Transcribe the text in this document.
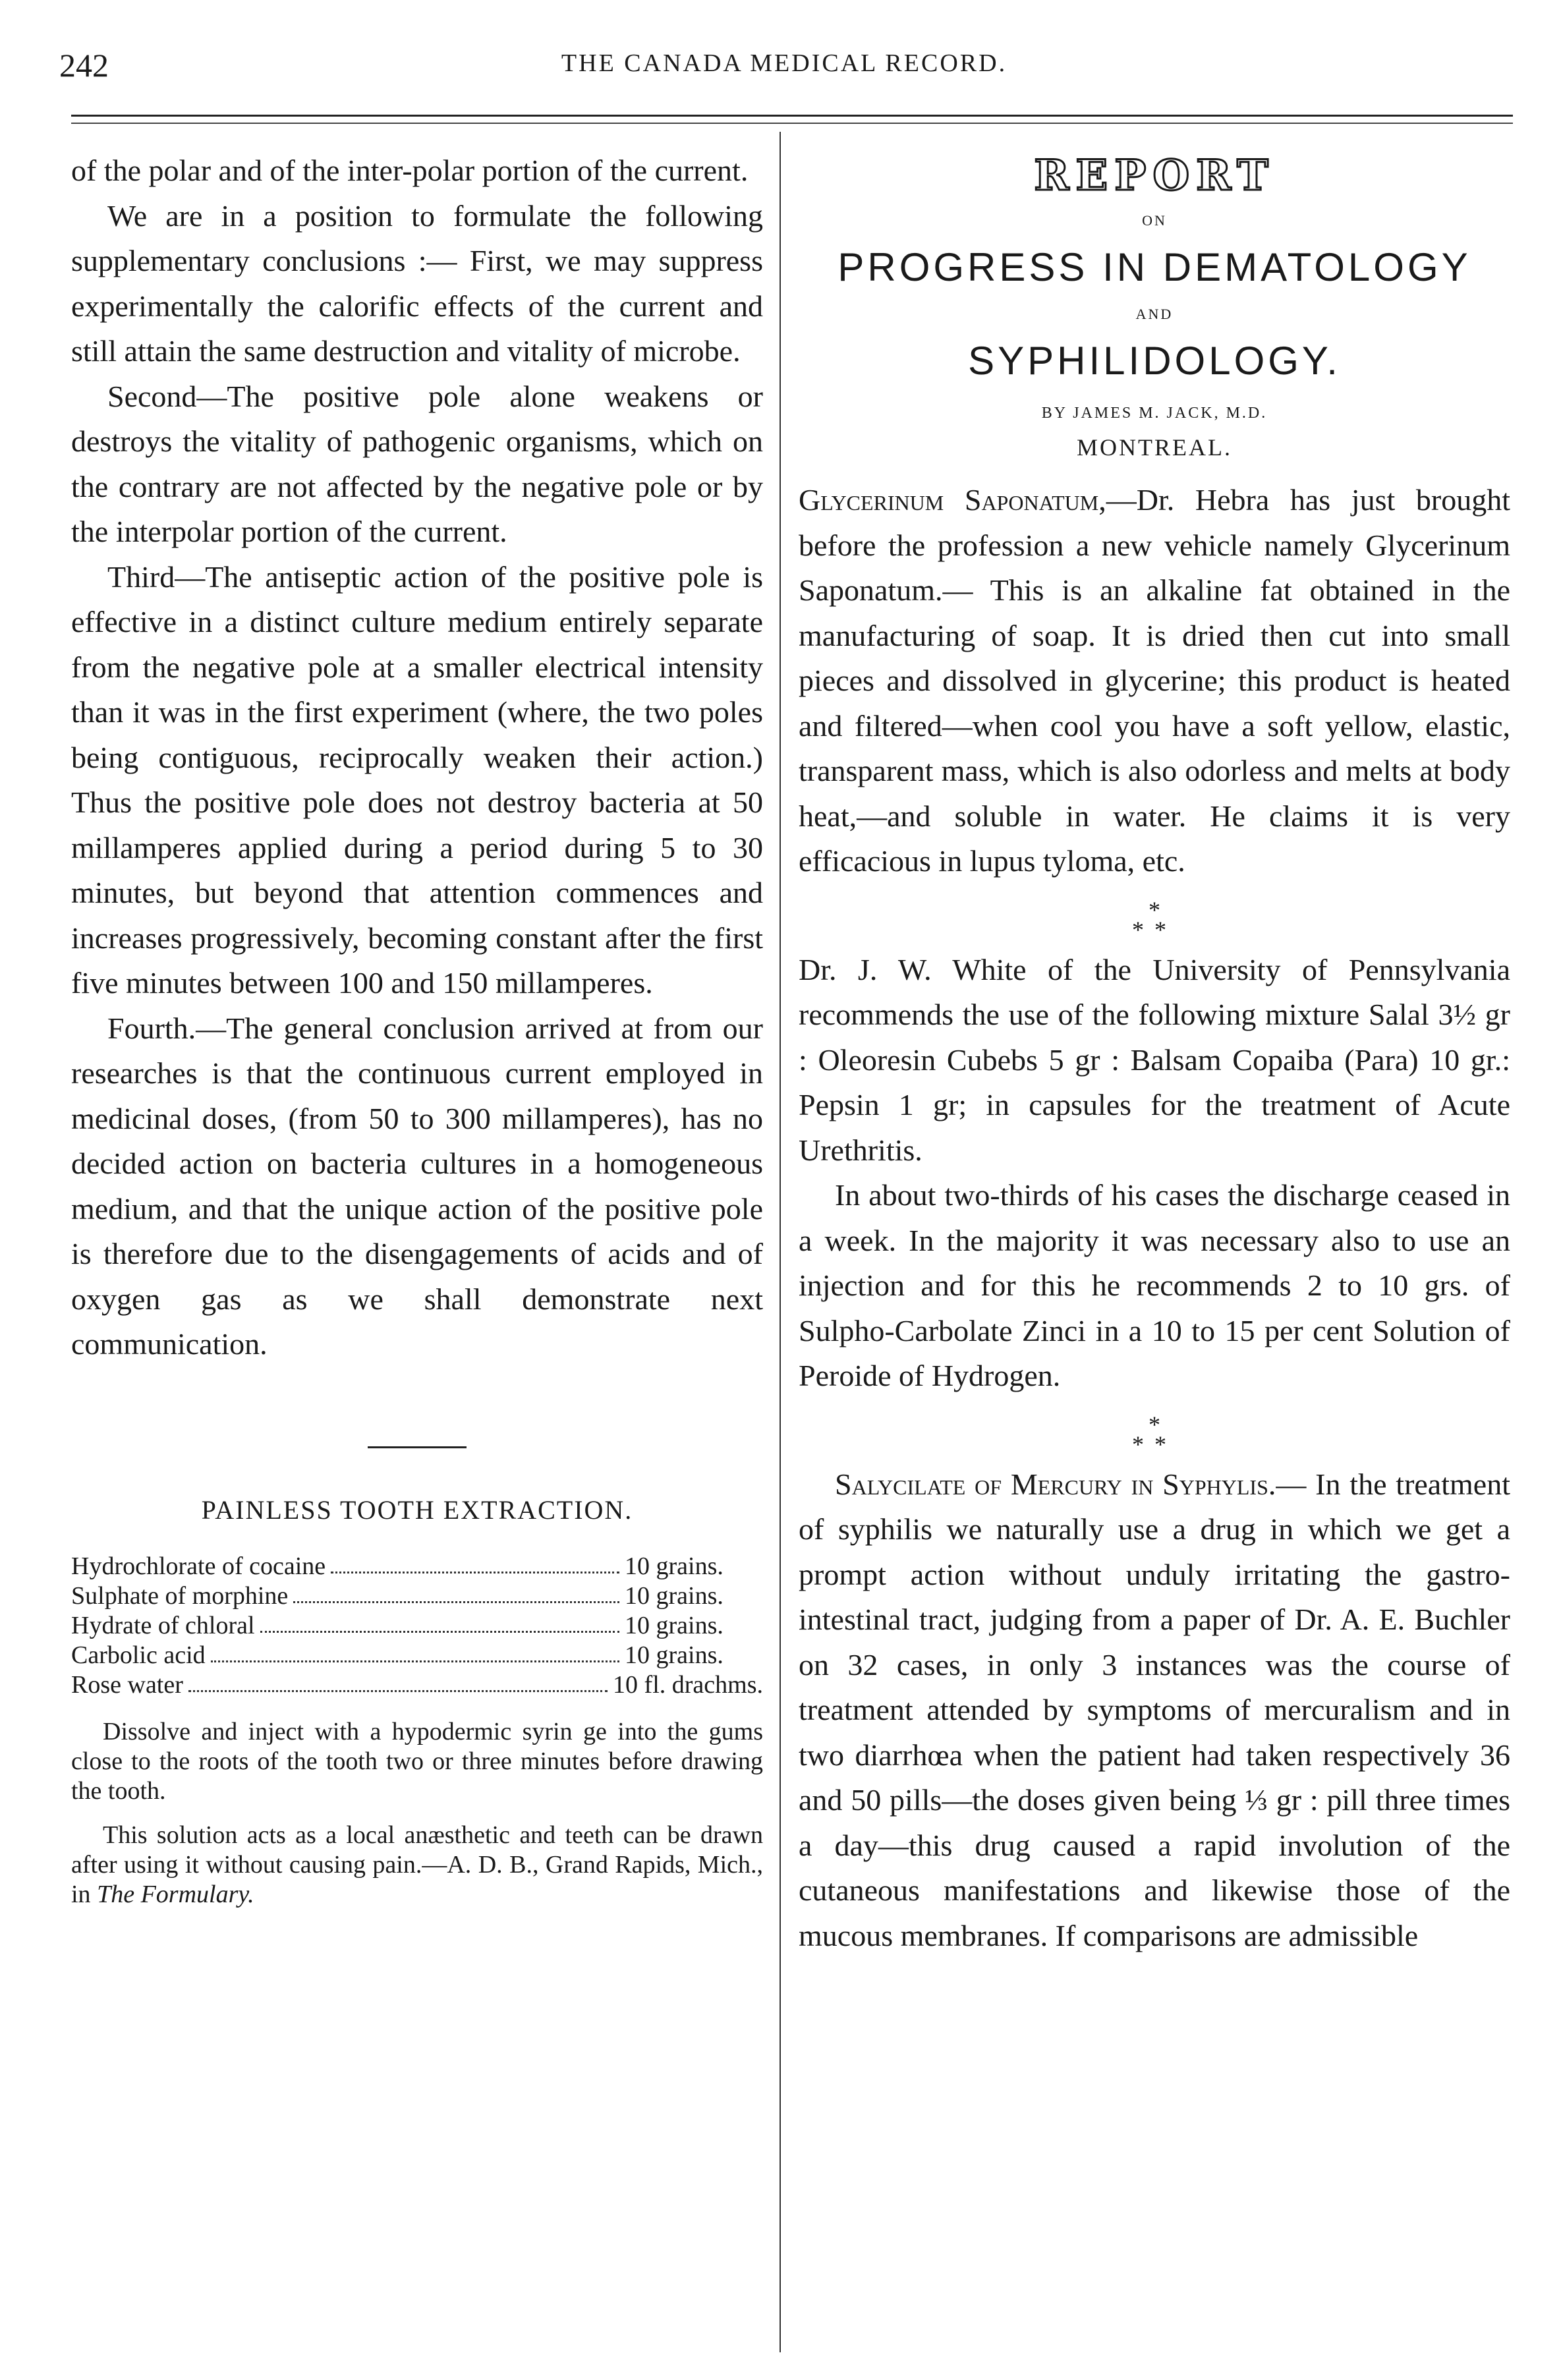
242	THE CANADA MEDICAL RECORD.

of the polar and of the inter-polar portion of the current.

We are in a position to formulate the following supplementary conclusions :— First, we may suppress experimentally the calorific effects of the current and still attain the same destruction and vitality of microbe.

Second—The positive pole alone weakens or destroys the vitality of pathogenic organisms, which on the contrary are not affected by the negative pole or by the interpolar portion of the current.

Third—The antiseptic action of the positive pole is effective in a distinct culture medium entirely separate from the negative pole at a smaller electrical intensity than it was in the first experiment (where, the two poles being contiguous, reciprocally weaken their action.) Thus the positive pole does not destroy bacteria at 50 millamperes applied during a period during 5 to 30 minutes, but beyond that attention commences and increases progressively, becoming constant after the first five minutes between 100 and 150 millamperes.

Fourth.—The general conclusion arrived at from our researches is that the continuous current employed in medicinal doses, (from 50 to 300 millamperes), has no decided action on bacteria cultures in a homogeneous medium, and that the unique action of the positive pole is therefore due to the disengagements of acids and of oxygen gas as we shall demonstrate next communication.

PAINLESS TOOTH EXTRACTION.

Hydrochlorate of cocaine	10 grains.
Sulphate of morphine	10 grains.
Hydrate of chloral	10 grains.
Carbolic acid	10 grains.
Rose water	10 fl. drachms.

Dissolve and inject with a hypodermic syrin ge into the gums close to the roots of the tooth two or three minutes before drawing the tooth.

This solution acts as a local anæsthetic and teeth can be drawn after using it without causing pain.—A. D. B., Grand Rapids, Mich., in The Formulary.

REPORT

ON

PROGRESS IN DEMATOLOGY

AND

SYPHILIDOLOGY.

BY JAMES M. JACK, M.D.

MONTREAL.

Glycerinum Saponatum,—Dr. Hebra has just brought before the profession a new vehicle namely Glycerinum Saponatum.— This is an alkaline fat obtained in the manufacturing of soap. It is dried then cut into small pieces and dissolved in glycerine; this product is heated and filtered—when cool you have a soft yellow, elastic, transparent mass, which is also odorless and melts at body heat,—and soluble in water. He claims it is very efficacious in lupus tyloma, etc.

*
**

Dr. J. W. White of the University of Pennsylvania recommends the use of the following mixture Salal 3½ gr : Oleoresin Cubebs 5 gr : Balsam Copaiba (Para) 10 gr.: Pepsin 1 gr; in capsules for the treatment of Acute Urethritis.

In about two-thirds of his cases the discharge ceased in a week. In the majority it was necessary also to use an injection and for this he recommends 2 to 10 grs. of Sulpho-Carbolate Zinci in a 10 to 15 per cent Solution of Peroide of Hydrogen.

*
**

Salycilate of Mercury in Syphylis.— In the treatment of syphilis we naturally use a drug in which we get a prompt action without unduly irritating the gastro-intestinal tract, judging from a paper of Dr. A. E. Buchler on 32 cases, in only 3 instances was the course of treatment attended by symptoms of mercuralism and in two diarrhœa when the patient had taken respectively 36 and 50 pills—the doses given being ⅓ gr : pill three times a day—this drug caused a rapid involution of the cutaneous manifestations and likewise those of the mucous membranes. If comparisons are admissible
